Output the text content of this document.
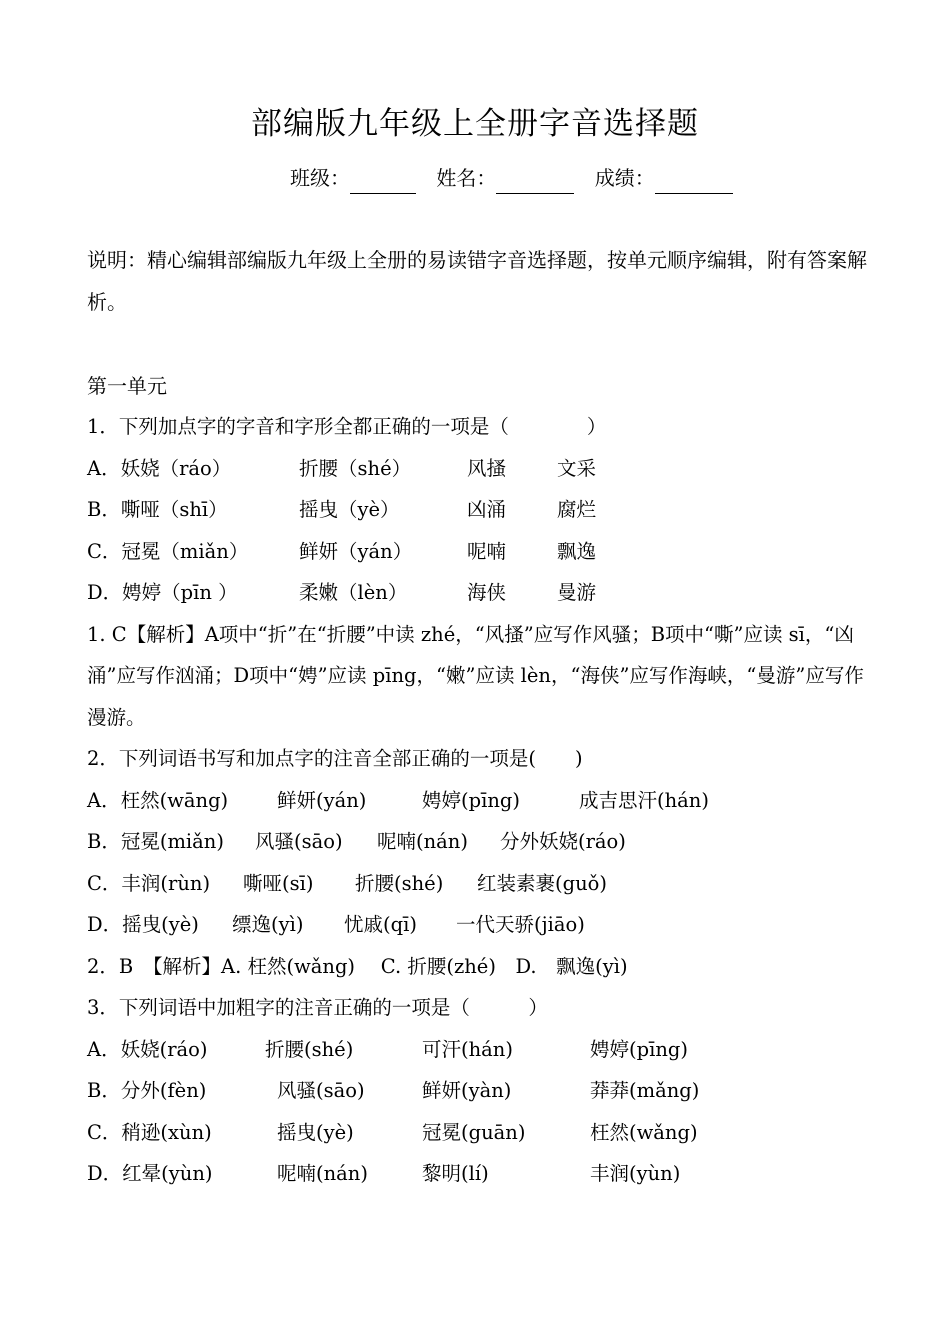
部编版九年级上全册字音选择题
班级：	姓名：	成绩：
说明：精心编辑部编版九年级上全册的易读错字音选择题，按单元顺序编辑，附有答案解析。
第一单元
1．下列加点字的字音和字形全都正确的一项是（　　　　）
A．妖娆（ráo）	折腰（shé）	风搔	文采
B．嘶哑（shī）	摇曳（yè）	凶涌	腐烂
C．冠冕（miǎn）	鲜妍（yán）	呢喃	飘逸
D．娉婷（pīn ）	柔嫩（lèn）	海侠	曼游
1. C【解析】A项中“折”在“折腰”中读 zhé，“风搔”应写作风骚；B项中“嘶”应读 sī，“凶涌”应写作汹涌；D项中“娉”应读 pīng，“嫩”应读 lèn，“海侠”应写作海峡，“曼游”应写作漫游。
2．下列词语书写和加点字的注音全部正确的一项是(　　)
A．枉然(wāng)	鲜妍(yán)	娉婷(pīng)	成吉思汗(hán)
B．冠冕(miǎn) 风骚(sāo) 呢喃(nán) 分外妖娆(ráo)
C．丰润(rùn) 嘶哑(sī) 折腰(shé) 红装素裹(guǒ)
D．摇曳(yè) 缥逸(yì) 忧戚(qī) 一代天骄(jiāo)
2．B　【解析】A. 枉然(wǎng)　 C. 折腰(zhé)　D.　飘逸(yì)
3．下列词语中加粗字的注音正确的一项是（　　　）
A．妖娆(ráo)	折腰(shé)	可汗(hán)	娉婷(pīng)
B．分外(fèn)	风骚(sāo)	鲜妍(yàn)	莽莽(mǎng)
C．稍逊(xùn)	摇曳(yè)	冠冕(guān)	枉然(wǎng)
D．红晕(yùn)	呢喃(nán)	黎明(lí)	丰润(yùn)
